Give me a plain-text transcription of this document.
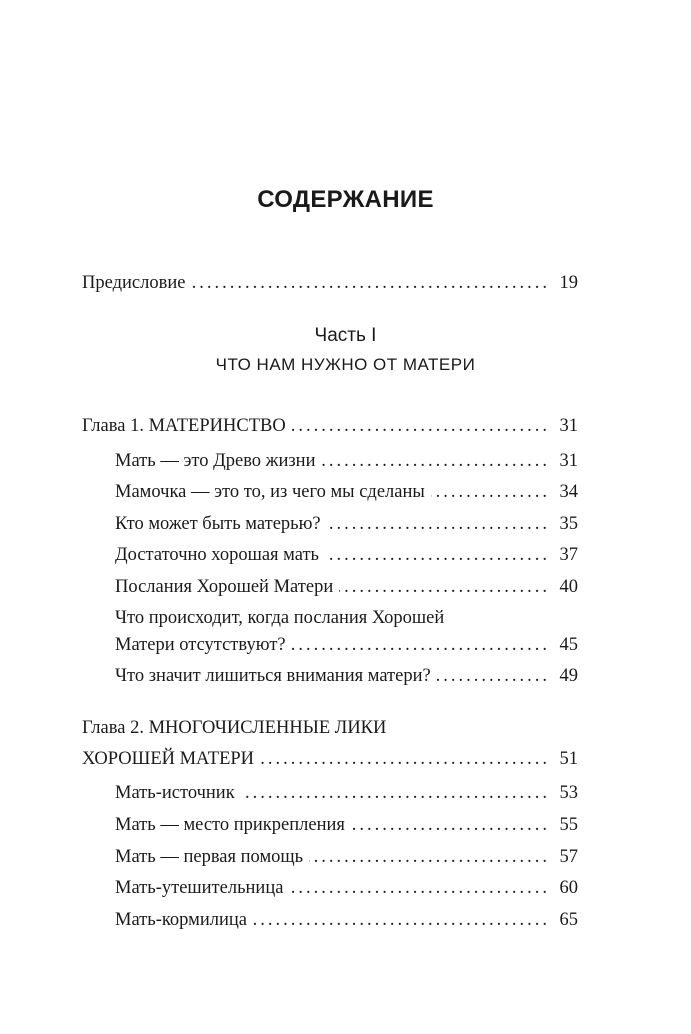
СОДЕРЖАНИЕ
Предисловие .....	19
Часть I
ЧТО НАМ НУЖНО ОТ МАТЕРИ
Глава 1. МАТЕРИНСТВО .....	31
Мать — это Древо жизни .....	31
Мамочка — это то, из чего мы сделаны .....	34
Кто может быть матерью? .....	35
Достаточно хорошая мать .....	37
Послания Хорошей Матери .....	40
Что происходит, когда послания Хорошей
Матери отсутствуют? .....	45
Что значит лишиться внимания матери? .....	49
Глава 2. МНОГОЧИСЛЕННЫЕ ЛИКИ
ХОРОШЕЙ МАТЕРИ .....	51
Мать-источник .....	53
Мать — место прикрепления .....	55
Мать — первая помощь .....	57
Мать-утешительница .....	60
Мать-кормилица .....	65
